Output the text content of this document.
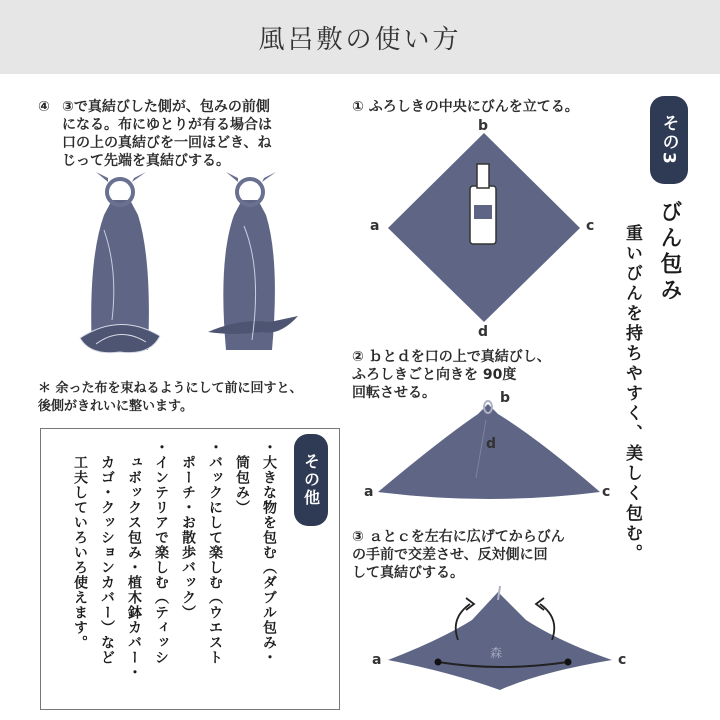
風呂敷の使い方
④ ③で真結びした側が、包みの前側
になる。布にゆとりが有る場合は
口の上の真結びを一回ほどき、ね
じって先端を真結びする。
＊ 余った布を束ねるようにして前に回すと、
後側がきれいに整います。
① ふろしきの中央にびんを立てる。
② ｂとｄを口の上で真結びし、
ふろしきごと向きを 90度
回転させる。
③ ａとｃを左右に広げてからびん
の手前で交差させ、反対側に回
して真結びする。
b
a	c
d
b
d
a	c
a	c
森
その3
びん包み
重いびんを持ちやすく、美しく包む。
その他
・大きな物を包む（ダブル包み・
　筒包み）
・バックにして楽しむ（ウエスト
　ポーチ・お散歩バック）
・インテリアで楽しむ（ティッシ
　ュボックス包み・植木鉢カバー・
　カゴ・クッションカバー）など
　工夫していろいろ使えます。
